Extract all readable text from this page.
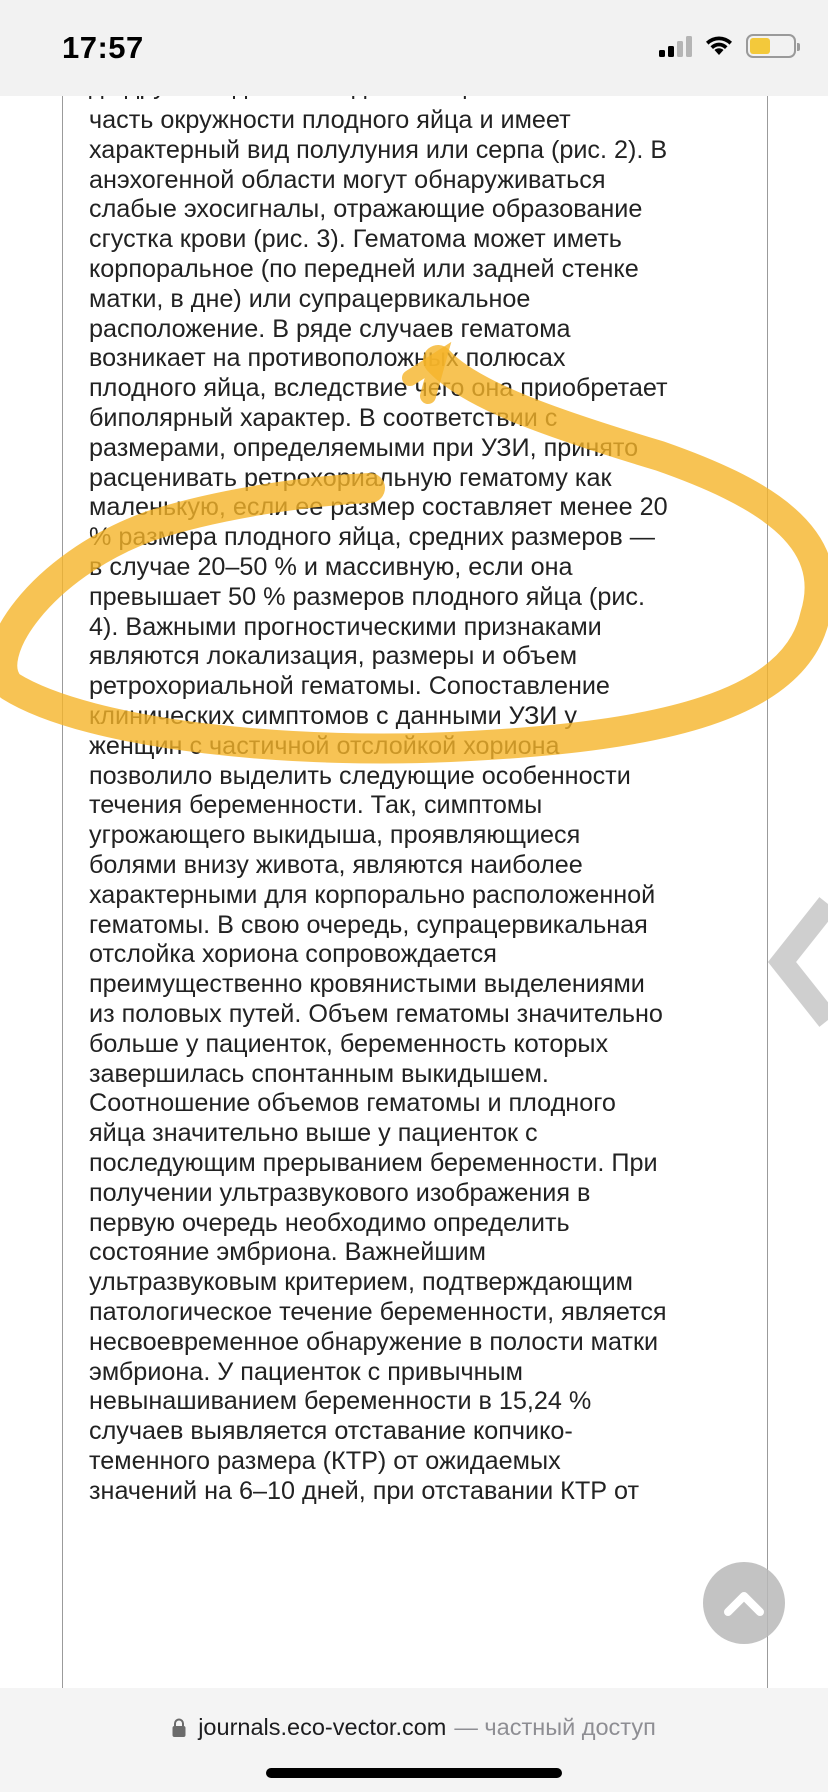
17:57
часть окружности плодного яйца и имеет
характерный вид полулуния или серпа (рис. 2). В
анэхогенной области могут обнаруживаться
слабые эхосигналы, отражающие образование
сгустка крови (рис. 3). Гематома может иметь
корпоральное (по передней или задней стенке
матки, в дне) или супрацервикальное
расположение. В ряде случаев гематома
возникает на противоположных полюсах
плодного яйца, вследствие чего она приобретает
биполярный характер. В соответствии с
размерами, определяемыми при УЗИ, принято
расценивать ретрохориальную гематому как
маленькую, если ее размер составляет менее 20
% размера плодного яйца, средних размеров —
в случае 20–50 % и массивную, если она
превышает 50 % размеров плодного яйца (рис.
4). Важными прогностическими признаками
являются локализация, размеры и объем
ретрохориальной гематомы. Сопоставление
клинических симптомов с данными УЗИ у
женщин с частичной отслойкой хориона
позволило выделить следующие особенности
течения беременности. Так, симптомы
угрожающего выкидыша, проявляющиеся
болями внизу живота, являются наиболее
характерными для корпорально расположенной
гематомы. В свою очередь, супрацервикальная
отслойка хориона сопровождается
преимущественно кровянистыми выделениями
из половых путей. Объем гематомы значительно
больше у пациенток, беременность которых
завершилась спонтанным выкидышем.
Соотношение объемов гематомы и плодного
яйца значительно выше у пациенток с
последующим прерыванием беременности. При
получении ультразвукового изображения в
первую очередь необходимо определить
состояние эмбриона. Важнейшим
ультразвуковым критерием, подтверждающим
патологическое течение беременности, является
несвоевременное обнаружение в полости матки
эмбриона. У пациенток с привычным
невынашиванием беременности в 15,24 %
случаев выявляется отставание копчико-
теменного размера (КТР) от ожидаемых
значений на 6–10 дней, при отставании КТР от
journals.eco-vector.com — частный доступ
